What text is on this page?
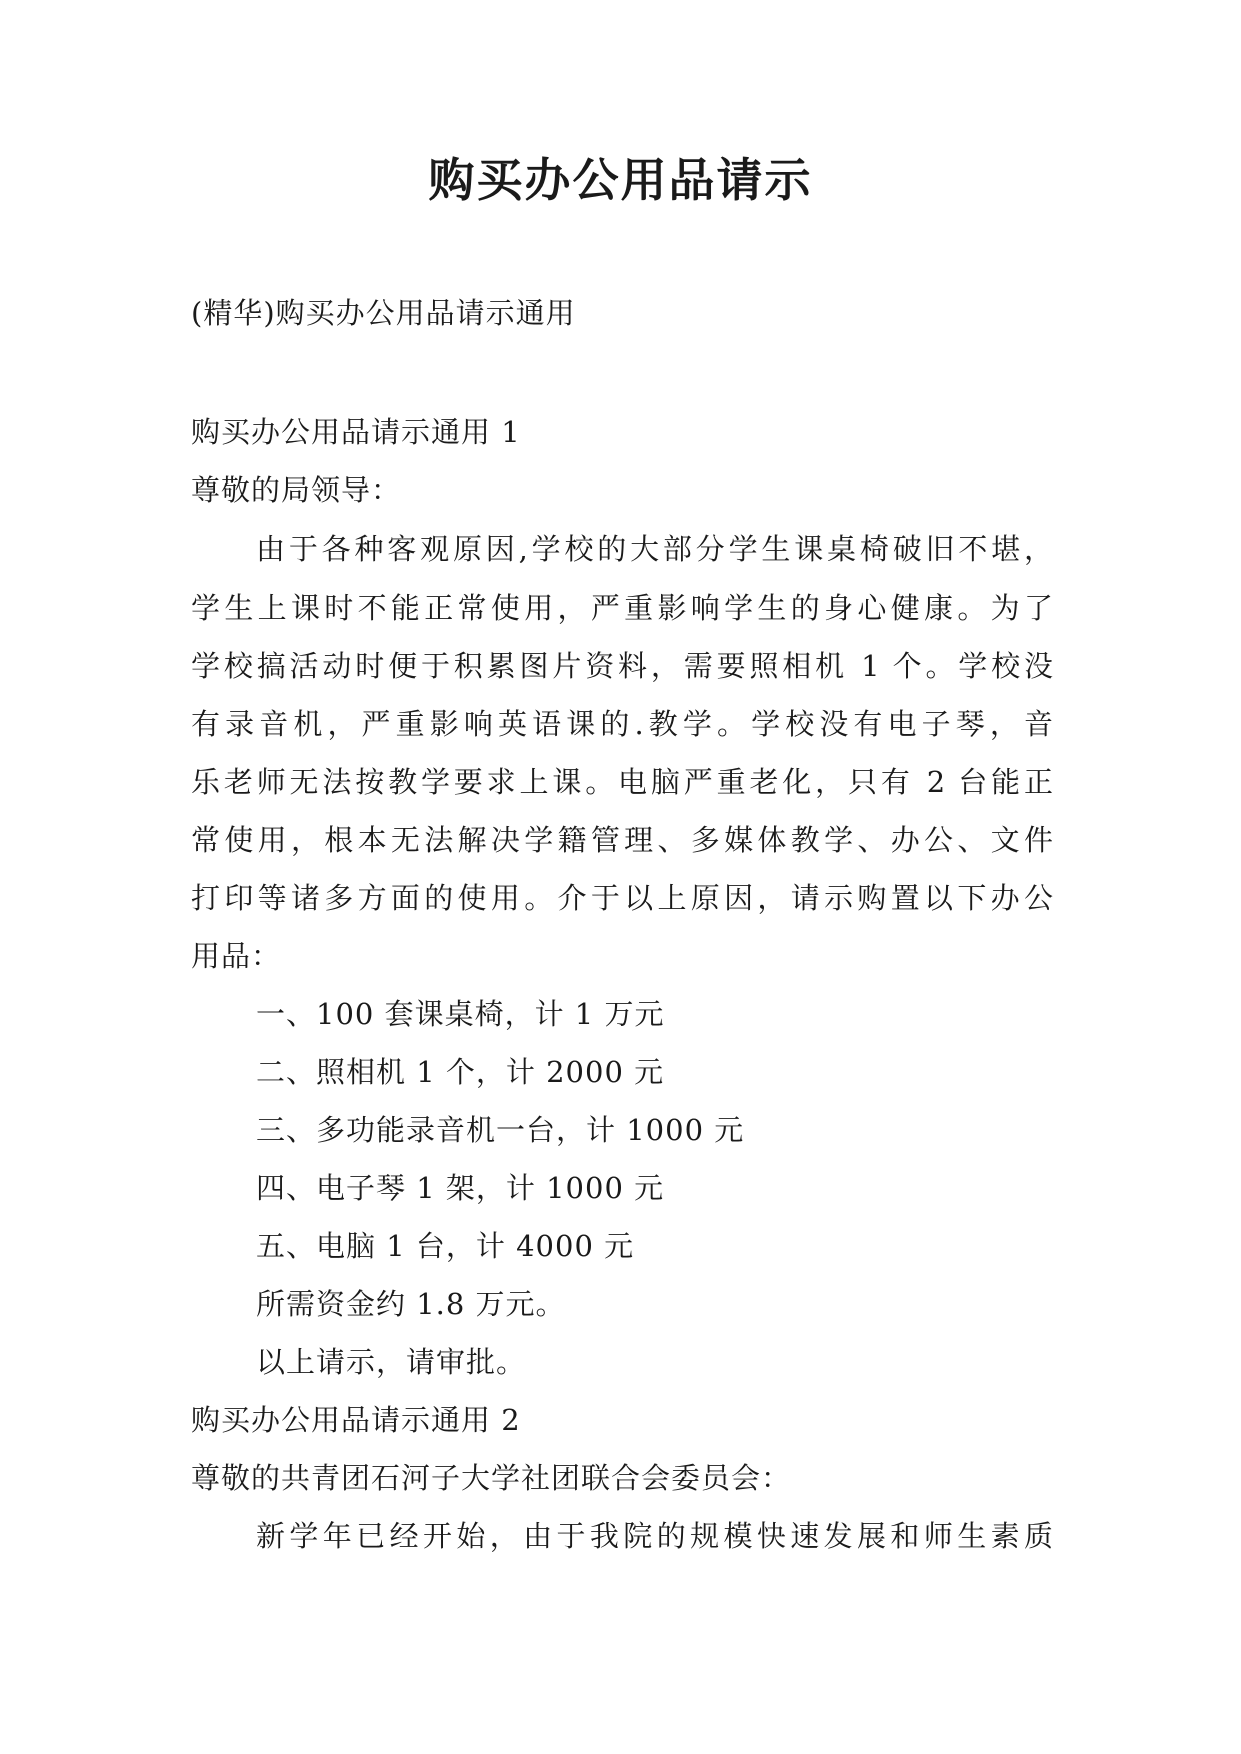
购买办公用品请示
(精华)购买办公用品请示通用
购买办公用品请示通用 1
尊敬的局领导：
由于各种客观原因,学校的大部分学生课桌椅破旧不堪，
学生上课时不能正常使用，严重影响学生的身心健康。为了
学校搞活动时便于积累图片资料，需要照相机 1 个。学校没
有录音机，严重影响英语课的.教学。学校没有电子琴，音
乐老师无法按教学要求上课。电脑严重老化，只有 2 台能正
常使用，根本无法解决学籍管理、多媒体教学、办公、文件
打印等诸多方面的使用。介于以上原因，请示购置以下办公
用品：
一、100 套课桌椅，计 1 万元
二、照相机 1 个，计 2000 元
三、多功能录音机一台，计 1000 元
四、电子琴 1 架，计 1000 元
五、电脑 1 台，计 4000 元
所需资金约 1.8 万元。
以上请示，请审批。
购买办公用品请示通用 2
尊敬的共青团石河子大学社团联合会委员会：
新学年已经开始，由于我院的规模快速发展和师生素质
